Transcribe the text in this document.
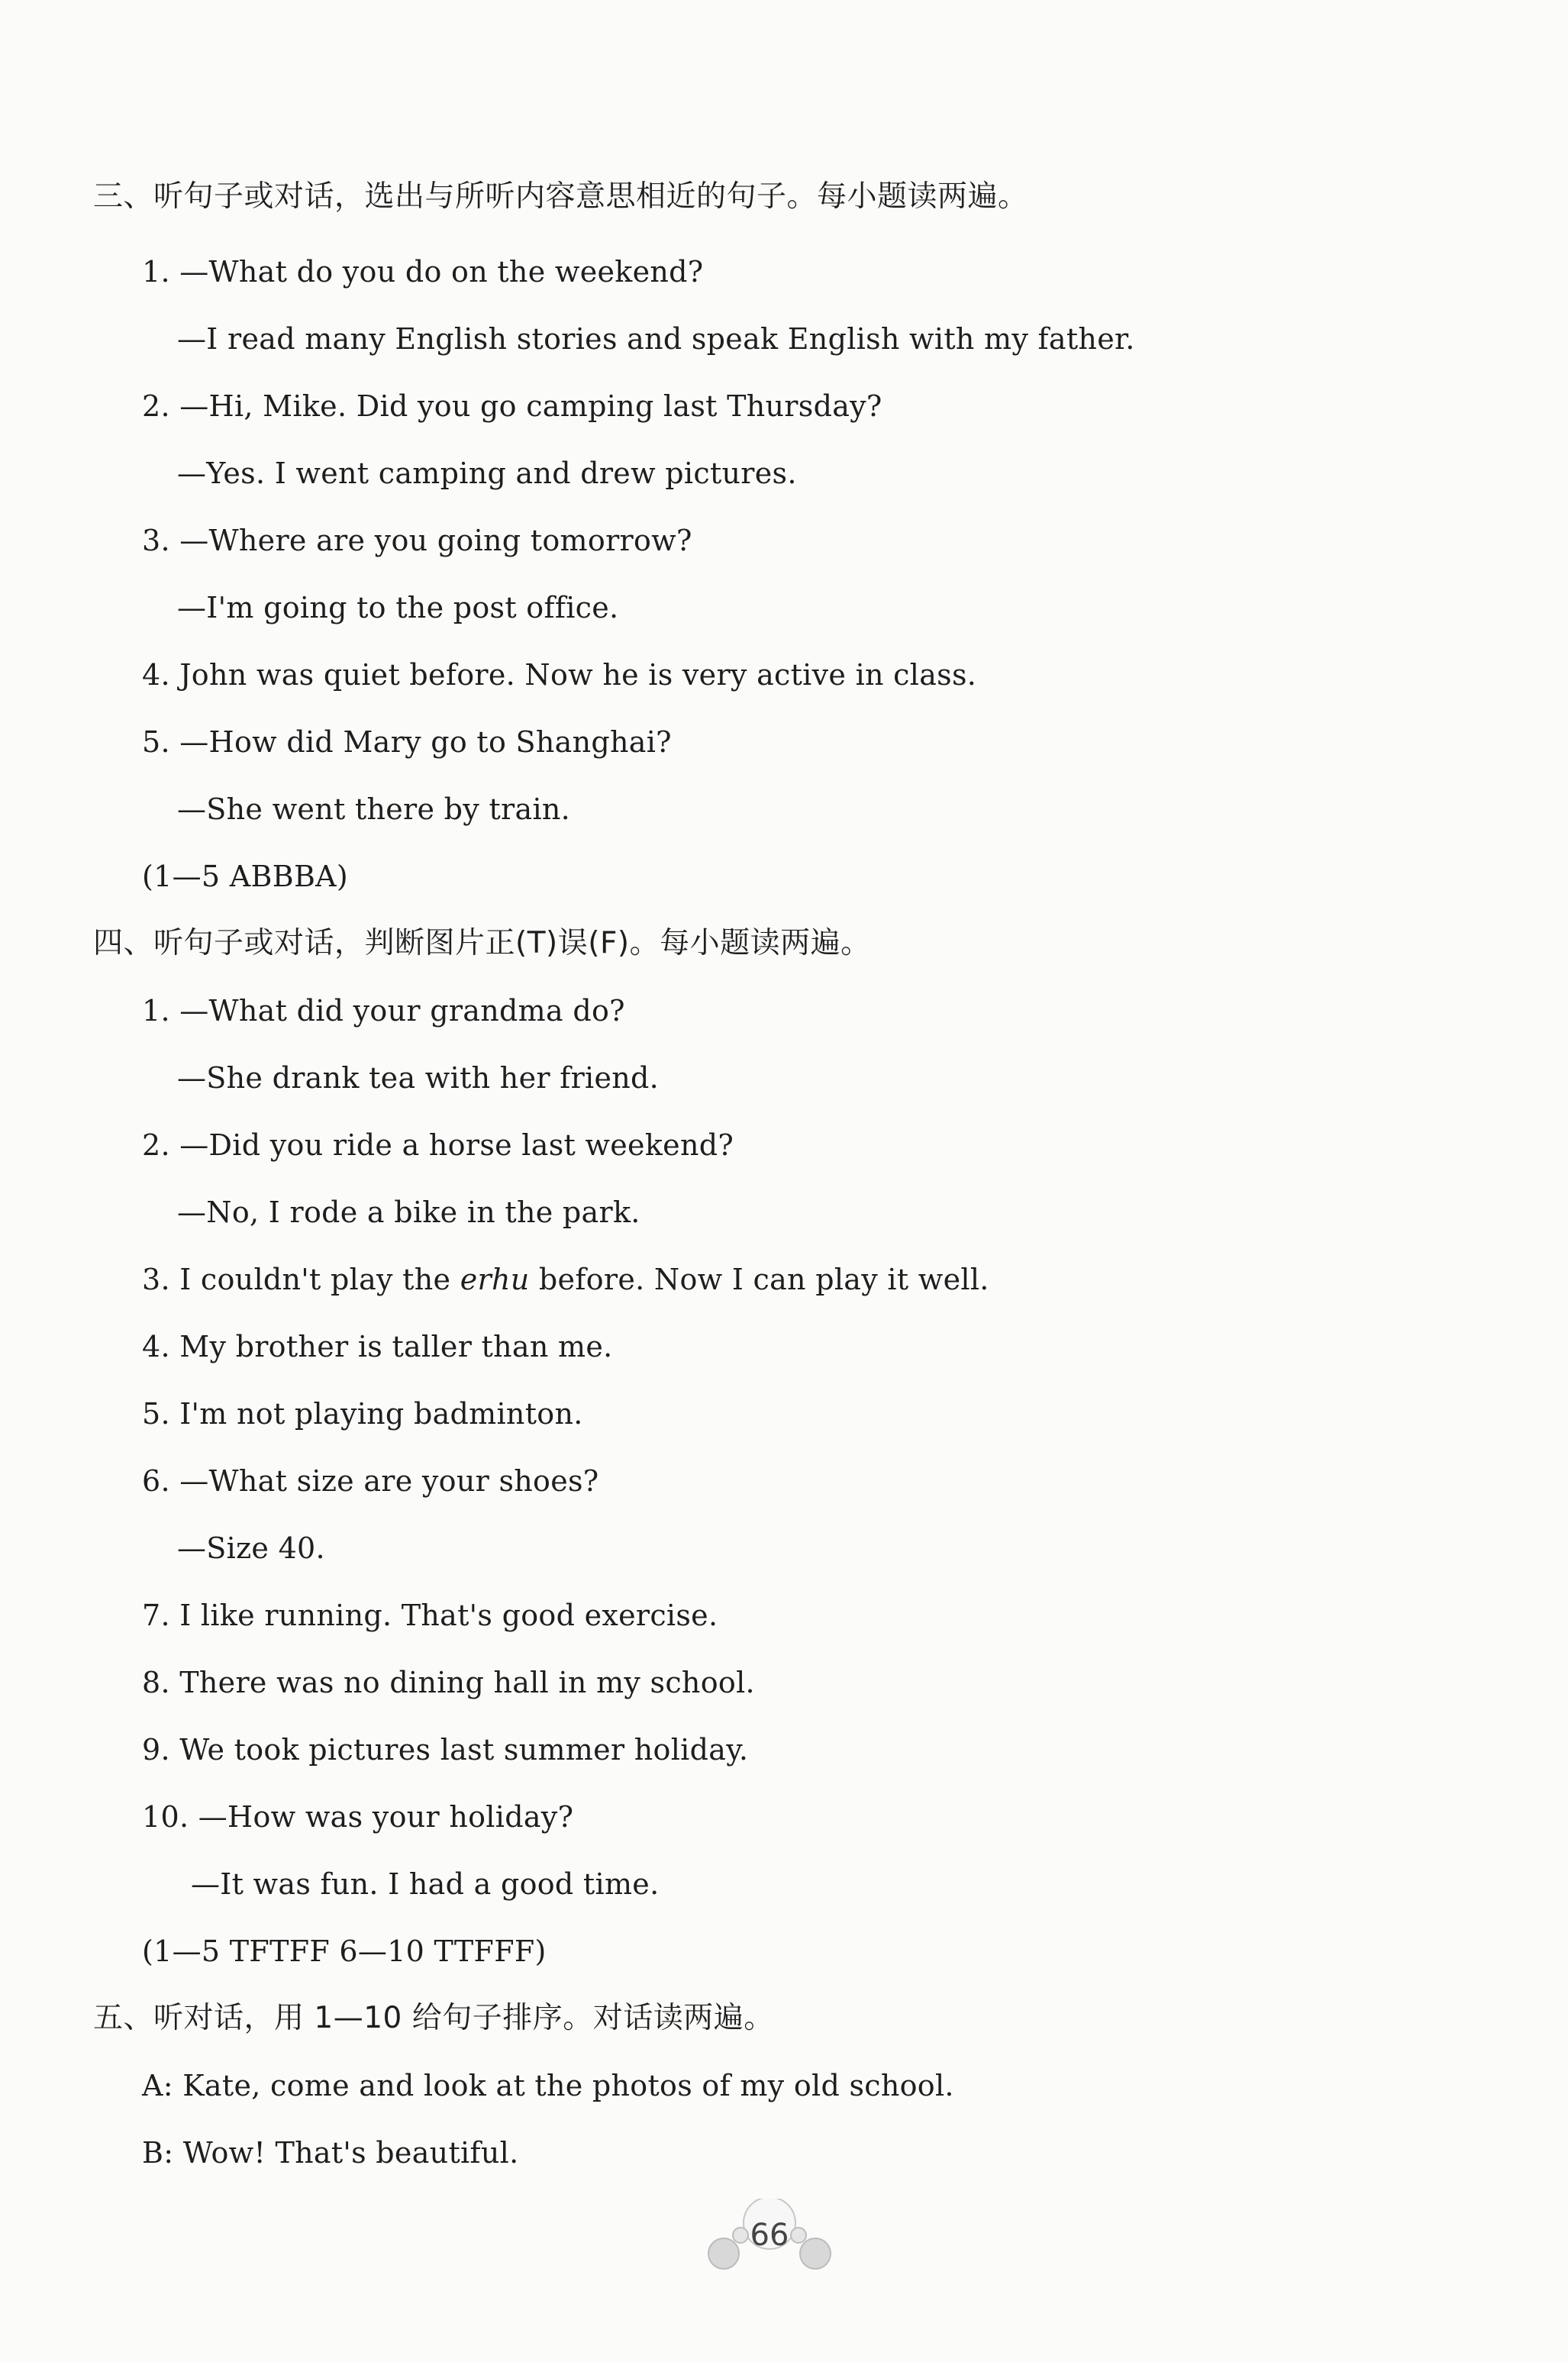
三、听句子或对话，选出与所听内容意思相近的句子。每小题读两遍。
1. —What do you do on the weekend?
—I read many English stories and speak English with my father.
2. —Hi, Mike. Did you go camping last Thursday?
—Yes. I went camping and drew pictures.
3. —Where are you going tomorrow?
—I'm going to the post office.
4. John was quiet before. Now he is very active in class.
5. —How did Mary go to Shanghai?
—She went there by train.
(1—5 ABBBA)
四、听句子或对话，判断图片正(T)误(F)。每小题读两遍。
1. —What did your grandma do?
—She drank tea with her friend.
2. —Did you ride a horse last weekend?
—No, I rode a bike in the park.
3. I couldn't play the erhu before. Now I can play it well.
4. My brother is taller than me.
5. I'm not playing badminton.
6. —What size are your shoes?
—Size 40.
7. I like running. That's good exercise.
8. There was no dining hall in my school.
9. We took pictures last summer holiday.
10. —How was your holiday?
—It was fun. I had a good time.
(1—5 TFTFF 6—10 TTFFF)
五、听对话，用 1—10 给句子排序。对话读两遍。
A: Kate, come and look at the photos of my old school.
B: Wow! That's beautiful.
66
